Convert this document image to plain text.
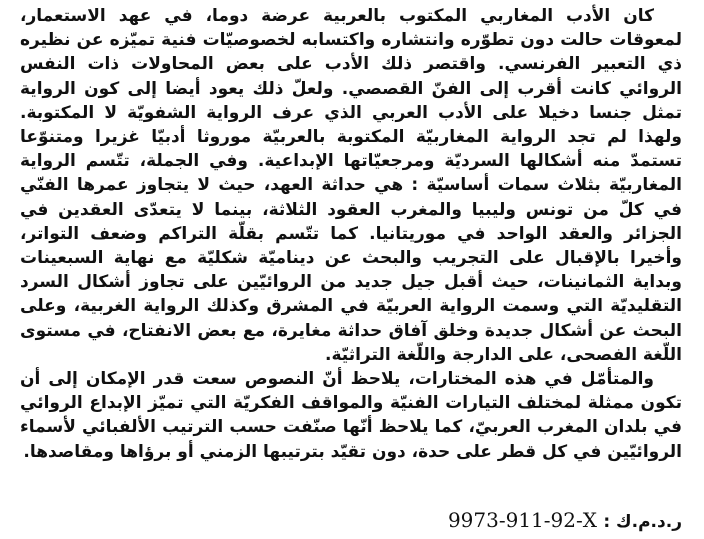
كان الأدب المغاربي المكتوب بالعربية عرضة دوما، في عهد الاستعمار، لمعوقات حالت دون تطوّره وانتشاره واكتسابه لخصوصيّات فنية تميّزه عن نظيره ذي التعبير الفرنسي. واقتصر ذلك الأدب على بعض المحاولات ذات النفس الروائي كانت أقرب إلى الفنّ القصصي. ولعلّ ذلك يعود أيضا إلى كون الرواية تمثل جنسا دخيلا على الأدب العربي الذي عرف الرواية الشفويّة لا المكتوبة. ولهذا لم تجد الرواية المغاربيّة المكتوبة بالعربيّة موروثا أدبيّا غزيرا ومتنوّعا تستمدّ منه أشكالها السرديّة ومرجعيّاتها الإبداعية. وفي الجملة، تتّسم الرواية المغاربيّة بثلاث سمات أساسيّة : هي حداثة العهد، حيث لا يتجاوز عمرها الفنّي في كلّ من تونس وليبيا والمغرب العقود الثلاثة، بينما لا يتعدّى العقدين في الجزائر والعقد الواحد في موريتانيا. كما تتّسم بقلّة التراكم وضعف التواتر، وأخيرا بالإقبال على التجريب والبحث عن ديناميّة شكليّة مع نهاية السبعينات وبداية الثمانينات، حيث أقبل جيل جديد من الروائيّين على تجاوز أشكال السرد التقليديّة التي وسمت الرواية العربيّة في المشرق وكذلك الرواية الغربية، وعلى البحث عن أشكال جديدة وخلق آفاق حداثة مغايرة، مع بعض الانفتاح، في مستوى اللّغة الفصحى، على الدارجة واللّغة التراثيّة.

والمتأمّل في هذه المختارات، يلاحظ أنّ النصوص سعت قدر الإمكان إلى أن تكون ممثلة لمختلف التيارات الفنيّة والمواقف الفكريّة التي تميّز الإبداع الروائي في بلدان المغرب العربيّ، كما يلاحظ أنّها صنّفت حسب الترتيب الألفبائي لأسماء الروائيّين في كل قطر على حدة، دون تقيّد بترتيبها الزمني أو برؤاها ومقاصدها.

ر.د.م.ك : 9973-911-92-X
